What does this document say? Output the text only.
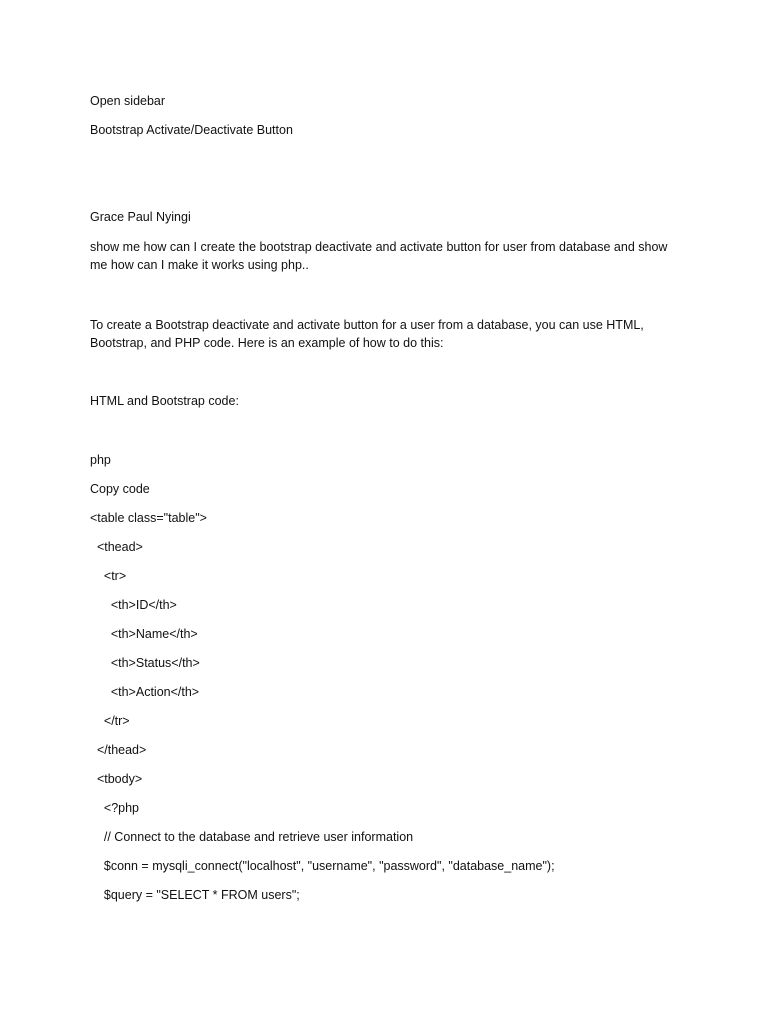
Open sidebar

Bootstrap Activate/Deactivate Button

Grace Paul Nyingi

show me how can I create the bootstrap deactivate and activate button for user from database and show me how can I make it works using php..

To create a Bootstrap deactivate and activate button for a user from a database, you can use HTML, Bootstrap, and PHP code. Here is an example of how to do this:

HTML and Bootstrap code:

php

Copy code

<table class="table">

<thead>

<tr>

<th>ID</th>

<th>Name</th>

<th>Status</th>

<th>Action</th>

</tr>

</thead>

<tbody>

<?php

// Connect to the database and retrieve user information

$conn = mysqli_connect("localhost", "username", "password", "database_name");

$query = "SELECT * FROM users";
